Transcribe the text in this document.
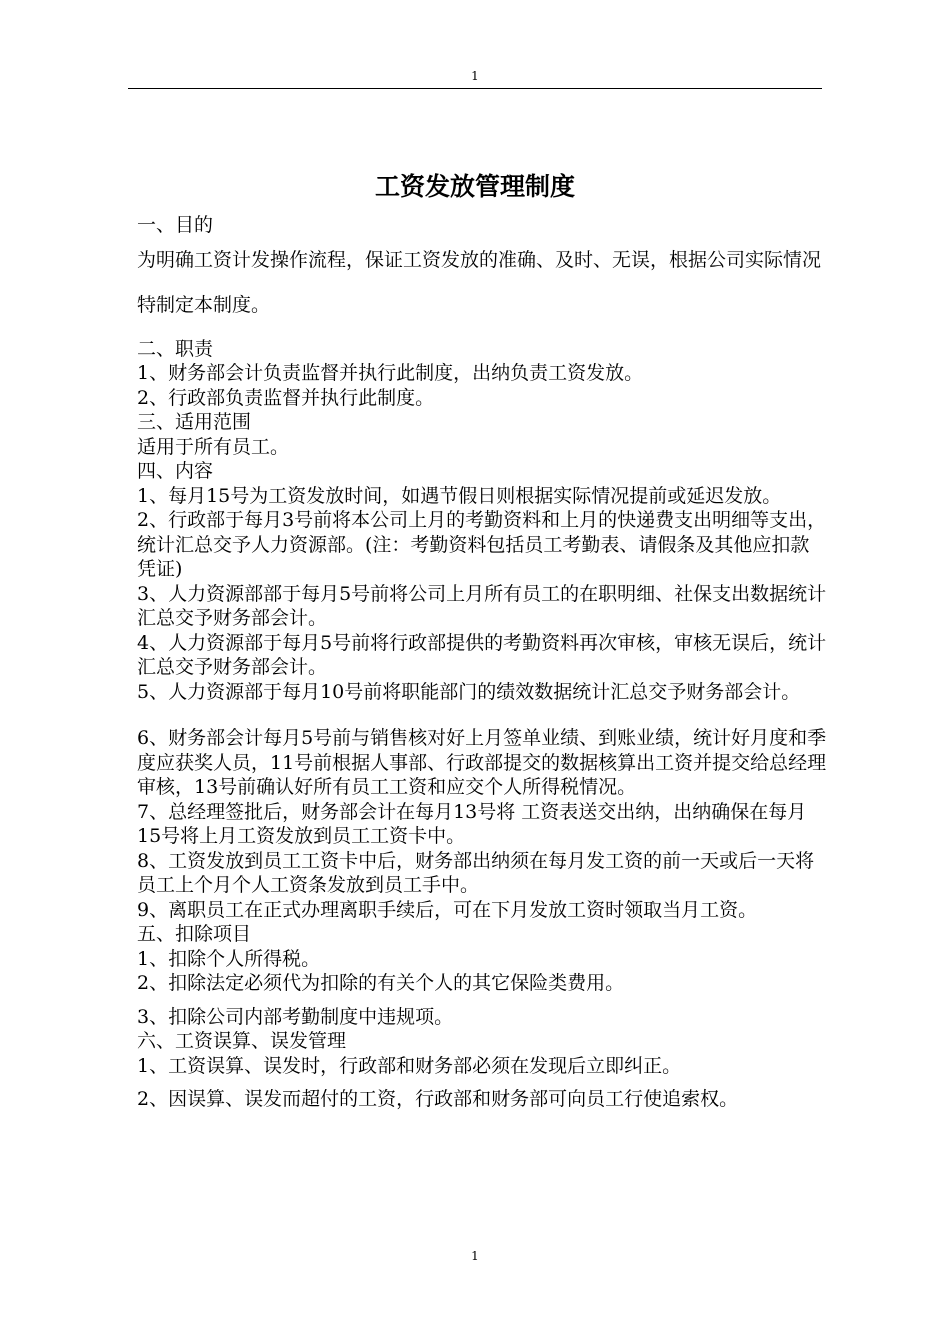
1
工资发放管理制度

一、目的

为明确工资计发操作流程，保证工资发放的准确、及时、无误，根据公司实际情况特制定本制度。

二、职责

1、财务部会计负责监督并执行此制度，出纳负责工资发放。

2、行政部负责监督并执行此制度。

三、适用范围

适用于所有员工。

四、内容

1、每月15号为工资发放时间，如遇节假日则根据实际情况提前或延迟发放。

2、行政部于每月3号前将本公司上月的考勤资料和上月的快递费支出明细等支出，统计汇总交予人力资源部。(注：考勤资料包括员工考勤表、请假条及其他应扣款凭证)

3、人力资源部部于每月5号前将公司上月所有员工的在职明细、社保支出数据统计汇总交予财务部会计。

4、人力资源部于每月5号前将行政部提供的考勤资料再次审核，审核无误后，统计汇总交予财务部会计。

5、人力资源部于每月10号前将职能部门的绩效数据统计汇总交予财务部会计。

6、财务部会计每月5号前与销售核对好上月签单业绩、到账业绩，统计好月度和季度应获奖人员，11号前根据人事部、行政部提交的数据核算出工资并提交给总经理审核，13号前确认好所有员工工资和应交个人所得税情况。

7、总经理签批后，财务部会计在每月13号将 工资表送交出纳，出纳确保在每月15号将上月工资发放到员工工资卡中。

8、工资发放到员工工资卡中后，财务部出纳须在每月发工资的前一天或后一天将员工上个月个人工资条发放到员工手中。

9、离职员工在正式办理离职手续后，可在下月发放工资时领取当月工资。

五、扣除项目

1、扣除个人所得税。

2、扣除法定必须代为扣除的有关个人的其它保险类费用。

3、扣除公司内部考勤制度中违规项。

六、工资误算、误发管理

1、工资误算、误发时，行政部和财务部必须在发现后立即纠正。

2、因误算、误发而超付的工资，行政部和财务部可向员工行使追索权。

1
